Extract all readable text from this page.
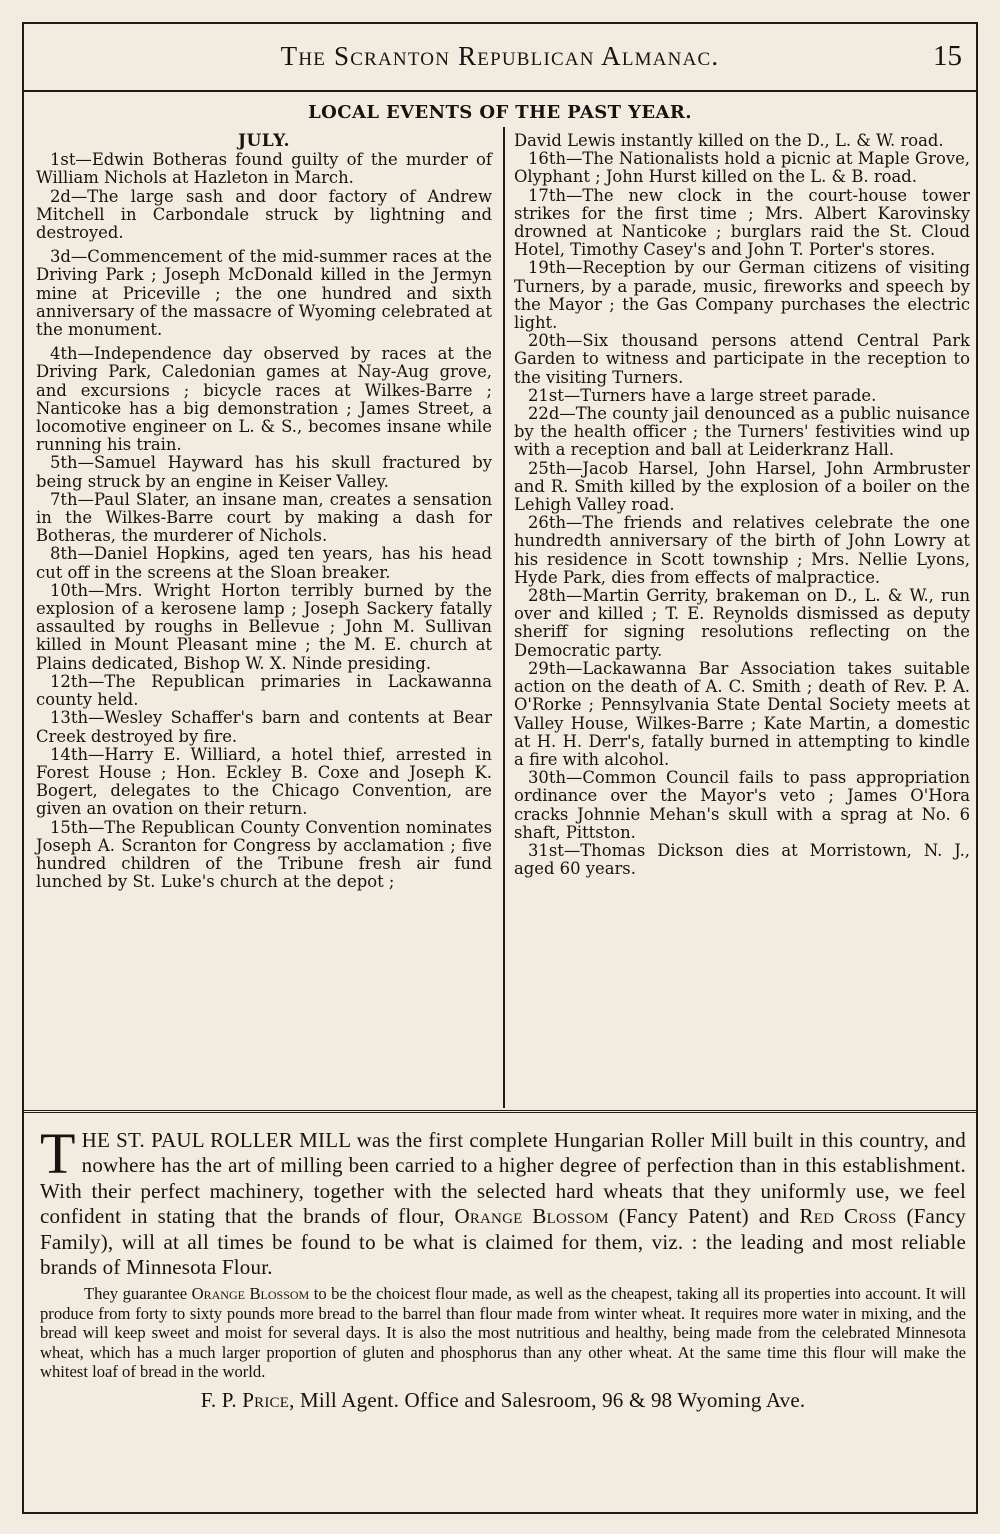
The Scranton Republican Almanac.	15
LOCAL EVENTS OF THE PAST YEAR.
JULY.

1st—Edwin Botheras found guilty of the murder of William Nichols at Hazleton in March.

2d—The large sash and door factory of Andrew Mitchell in Carbondale struck by lightning and destroyed.

3d—Commencement of the mid-summer races at the Driving Park ; Joseph McDonald killed in the Jermyn mine at Priceville ; the one hundred and sixth anniversary of the massacre of Wyoming celebrated at the monument.

4th—Independence day observed by races at the Driving Park, Caledonian games at Nay-Aug grove, and excursions ; bicycle races at Wilkes-Barre ; Nanticoke has a big demonstration ; James Street, a locomotive engineer on L. & S., becomes insane while running his train.

5th—Samuel Hayward has his skull fractured by being struck by an engine in Keiser Valley.

7th—Paul Slater, an insane man, creates a sensation in the Wilkes-Barre court by making a dash for Botheras, the murderer of Nichols.

8th—Daniel Hopkins, aged ten years, has his head cut off in the screens at the Sloan breaker.

10th—Mrs. Wright Horton terribly burned by the explosion of a kerosene lamp ; Joseph Sackery fatally assaulted by roughs in Bellevue ; John M. Sullivan killed in Mount Pleasant mine ; the M. E. church at Plains dedicated, Bishop W. X. Ninde presiding.

12th—The Republican primaries in Lackawanna county held.

13th—Wesley Schaffer's barn and contents at Bear Creek destroyed by fire.

14th—Harry E. Williard, a hotel thief, arrested in Forest House ; Hon. Eckley B. Coxe and Joseph K. Bogert, delegates to the Chicago Convention, are given an ovation on their return.

15th—The Republican County Convention nominates Joseph A. Scranton for Congress by acclamation ; five hundred children of the Tribune fresh air fund lunched by St. Luke's church at the depot ;

David Lewis instantly killed on the D., L. & W. road.

16th—The Nationalists hold a picnic at Maple Grove, Olyphant ; John Hurst killed on the L. & B. road.

17th—The new clock in the court-house tower strikes for the first time ; Mrs. Albert Karovinsky drowned at Nanticoke ; burglars raid the St. Cloud Hotel, Timothy Casey's and John T. Porter's stores.

19th—Reception by our German citizens of visiting Turners, by a parade, music, fireworks and speech by the Mayor ; the Gas Company purchases the electric light.

20th—Six thousand persons attend Central Park Garden to witness and participate in the reception to the visiting Turners.

21st—Turners have a large street parade.

22d—The county jail denounced as a public nuisance by the health officer ; the Turners' festivities wind up with a reception and ball at Leiderkranz Hall.

25th—Jacob Harsel, John Harsel, John Armbruster and R. Smith killed by the explosion of a boiler on the Lehigh Valley road.

26th—The friends and relatives celebrate the one hundredth anniversary of the birth of John Lowry at his residence in Scott township ; Mrs. Nellie Lyons, Hyde Park, dies from effects of malpractice.

28th—Martin Gerrity, brakeman on D., L. & W., run over and killed ; T. E. Reynolds dismissed as deputy sheriff for signing resolutions reflecting on the Democratic party.

29th—Lackawanna Bar Association takes suitable action on the death of A. C. Smith ; death of Rev. P. A. O'Rorke ; Pennsylvania State Dental Society meets at Valley House, Wilkes-Barre ; Kate Martin, a domestic at H. H. Derr's, fatally burned in attempting to kindle a fire with alcohol.

30th—Common Council fails to pass appropriation ordinance over the Mayor's veto ; James O'Hora cracks Johnnie Mehan's skull with a sprag at No. 6 shaft, Pittston.

31st—Thomas Dickson dies at Morristown, N. J., aged 60 years.

THE ST. PAUL ROLLER MILL was the first complete Hungarian Roller Mill built in this country, and nowhere has the art of milling been carried to a higher degree of perfection than in this establishment. With their perfect machinery, together with the selected hard wheats that they uniformly use, we feel confident in stating that the brands of flour, Orange Blossom (Fancy Patent) and Red Cross (Fancy Family), will at all times be found to be what is claimed for them, viz. : the leading and most reliable brands of Minnesota Flour.

They guarantee Orange Blossom to be the choicest flour made, as well as the cheapest, taking all its properties into account. It will produce from forty to sixty pounds more bread to the barrel than flour made from winter wheat. It requires more water in mixing, and the bread will keep sweet and moist for several days. It is also the most nutritious and healthy, being made from the celebrated Minnesota wheat, which has a much larger proportion of gluten and phosphorus than any other wheat. At the same time this flour will make the whitest loaf of bread in the world.

F. P. Price, Mill Agent. Office and Salesroom, 96 & 98 Wyoming Ave.
